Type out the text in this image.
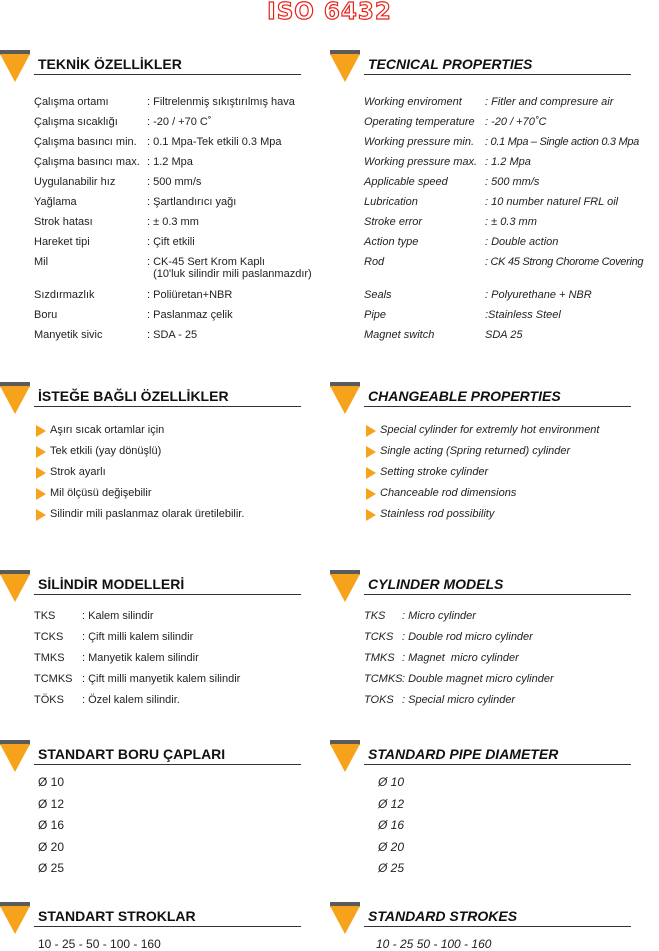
ISO 6432
TEKNİK ÖZELLİKLER
Çalışma ortamı	: Filtrelenmiş sıkıştırılmış hava
Çalışma sıcaklığı	: -20 / +70 C˚
Çalışma basıncı min. : 0.1 Mpa-Tek etkili 0.3 Mpa
Çalışma basıncı max. : 1.2 Mpa
Uygulanabilir hız	: 500 mm/s
Yağlama	: Şartlandırıcı yağı
Strok hatası	: ± 0.3 mm
Hareket tipi	: Çift etkili
Mil	: CK-45 Sert Krom Kaplı
(10'luk silindir mili paslanmazdır)
Sızdırmazlık	: Poliüretan+NBR
Boru	: Paslanmaz çelik
Manyetik sivic	: SDA - 25
İSTEĞE BAĞLI ÖZELLİKLER
Aşırı sıcak ortamlar için
Tek etkili (yay dönüşlü)
Strok ayarlı
Mil ölçüsü değişebilir
Silindir mili paslanmaz olarak üretilebilir.
SİLİNDİR MODELLERİ
TKS : Kalem silindir
TCKS : Çift milli kalem silindir
TMKS : Manyetik kalem silindir
TCMKS : Çift milli manyetik kalem silindir
TÖKS : Özel kalem silindir.
STANDART BORU ÇAPLARI
Ø 10
Ø 12
Ø 16
Ø 20
Ø 25
STANDART STROKLAR
10 - 25 - 50 - 100 - 160
TECNICAL PROPERTIES
Working enviroment : Fitler and compresure air
Operating temperature : -20 / +70˚C
Working pressure min. : 0.1 Mpa – Single action 0.3 Mpa
Working pressure max. : 1.2 Mpa
Applicable speed	: 500 mm/s
Lubrication	: 10 number naturel FRL oil
Stroke error	: ± 0.3 mm
Action type	: Double action
Rod	: CK 45 Strong Chorome Covering
Seals	: Polyurethane + NBR
Pipe	:Stainless Steel
Magnet switch	SDA 25
CHANGEABLE PROPERTIES
Special cylinder for extremly hot environment
Single acting (Spring returned) cylinder
Setting stroke cylinder
Chanceable rod dimensions
Stainless rod possibility
CYLINDER MODELS
TKS : Micro cylinder
TCKS : Double rod micro cylinder
TMKS : Magnet  micro cylinder
TCMKS : Double magnet micro cylinder
TOKS : Special micro cylinder
STANDARD PIPE DIAMETER
Ø 10
Ø 12
Ø 16
Ø 20
Ø 25
STANDARD STROKES
10 - 25 50 - 100 - 160
